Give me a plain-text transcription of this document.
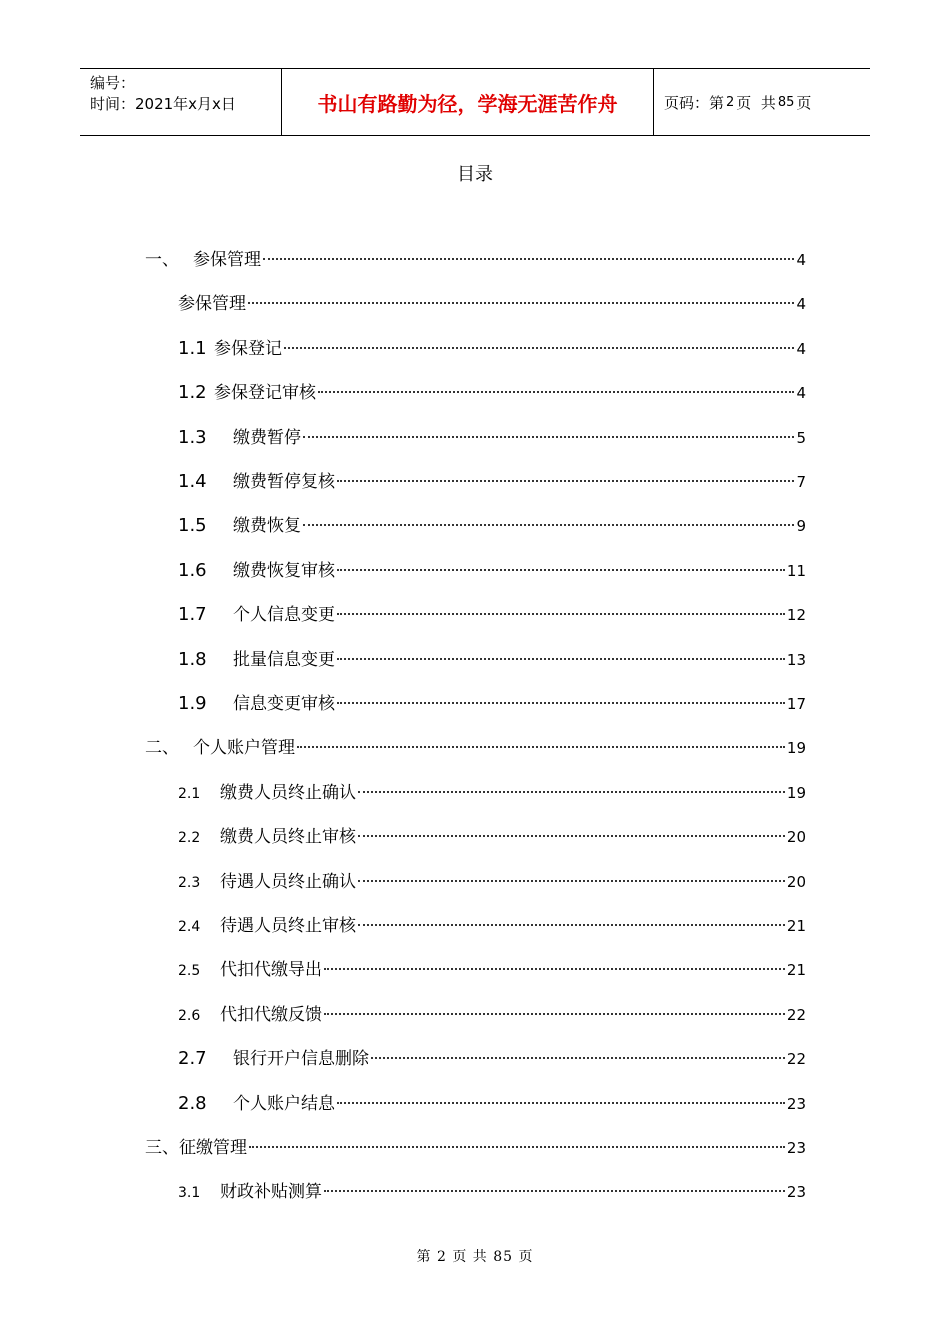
编号：
时间：2021年x月x日	书山有路勤为径，学海无涯苦作舟	页码：第 2 页  共 85 页
目录
一、 参保管理	4
参保管理	4
1.1 参保登记	4
1.2 参保登记审核	4
1.3	缴费暂停	5
1.4	缴费暂停复核	7
1.5	缴费恢复	9
1.6	缴费恢复审核	11
1.7	个人信息变更	12
1.8	批量信息变更	13
1.9	信息变更审核	17
二、 个人账户管理	19
2.1	缴费人员终止确认	19
2.2	缴费人员终止审核	20
2.3	待遇人员终止确认	20
2.4	待遇人员终止审核	21
2.5	代扣代缴导出	21
2.6	代扣代缴反馈	22
2.7	银行开户信息删除	22
2.8	个人账户结息	23
三、征缴管理	23
3.1	财政补贴测算	23
第 2 页 共 85 页
